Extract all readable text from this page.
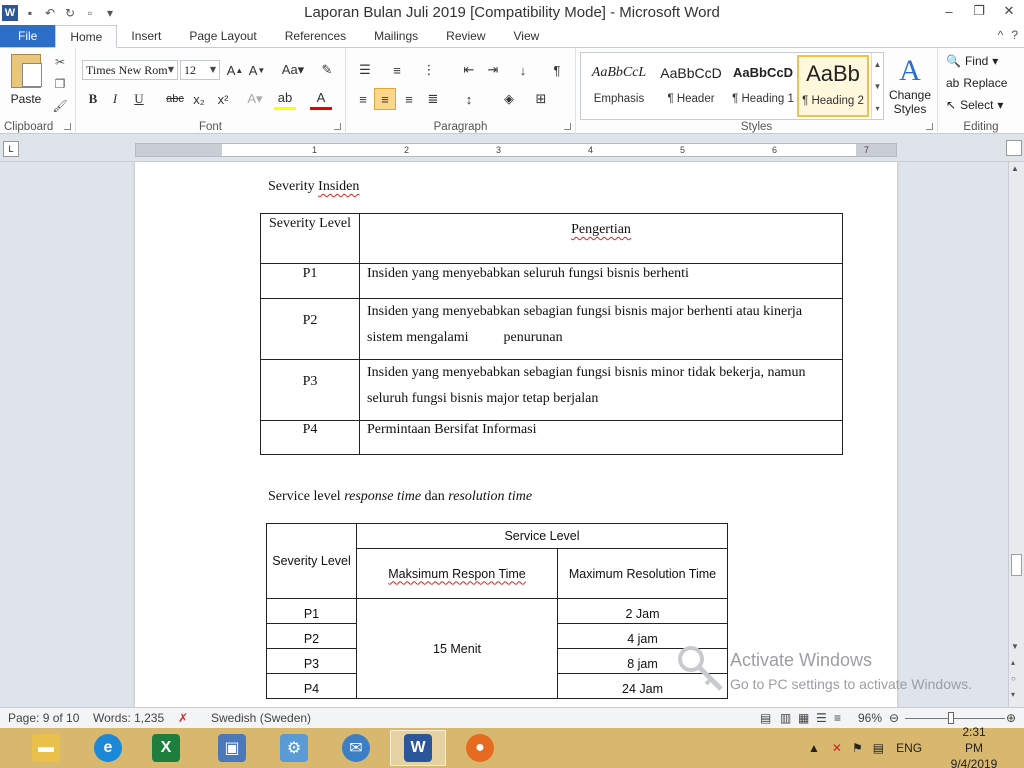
W	▪	↶ ↻	▫	▾	Laporan Bulan Juli 2019 [Compatibility Mode] - Microsoft Word	–	❐	✕
File	Home	Insert	Page Layout	References	Mailings	Review	View	^ ?
Paste
✂
❐
🖌
Clipboard
Times New Rom ▼ 12 ▼ A ▲ A ▼ Aa▾	✎
B	I	U	abc x₂ x²	A▾ ab	A
Font
☰	≡	⋮	⇤	⇥	↓	¶
≡	≡	≡	≣	↕	◈	⊞
Paragraph	Styles
AaBbCcL
Emphasis
AaBbCcD
¶ Header
AaBbCcD
¶ Heading 1
AaBb
¶ Heading 2
▲
▼
▾
A
Change Styles
Editing
🔍 Find ▾
ab Replace
↖ Select ▾
L	1	2	3	4	5	6	7
Severity Insiden
Severity Level	Pengertian
P1	Insiden yang menyebabkan seluruh fungsi bisnis berhenti
P2	Insiden yang menyebabkan sebagian fungsi bisnis major berhenti atau kinerja sistem mengalami penurunan
P3	Insiden yang menyebabkan sebagian fungsi bisnis minor tidak bekerja, namun seluruh fungsi bisnis major tetap berjalan
P4	Permintaan Bersifat Informasi
Service level response time dan resolution time
Severity Level	Service Level	
	Maksimum Respon Time	Maximum Resolution Time
P1	15 Menit	2 Jam
P2		4 jam
P3		8 jam
P4		24 Jam
▲
▼
▴
○
▾
Activate Windows
Go to PC settings to activate Windows.
Page: 9 of 10 Words: 1,235 ✗ Swedish (Sweden)	▤ ▥ ▦ ☰ ≡ 96% ⊖	⊕
▬	e	X	▣	⚙	✉	W	●	▲ ✕ ⚑ ▤ ENG
2:31 PM
9/4/2019
